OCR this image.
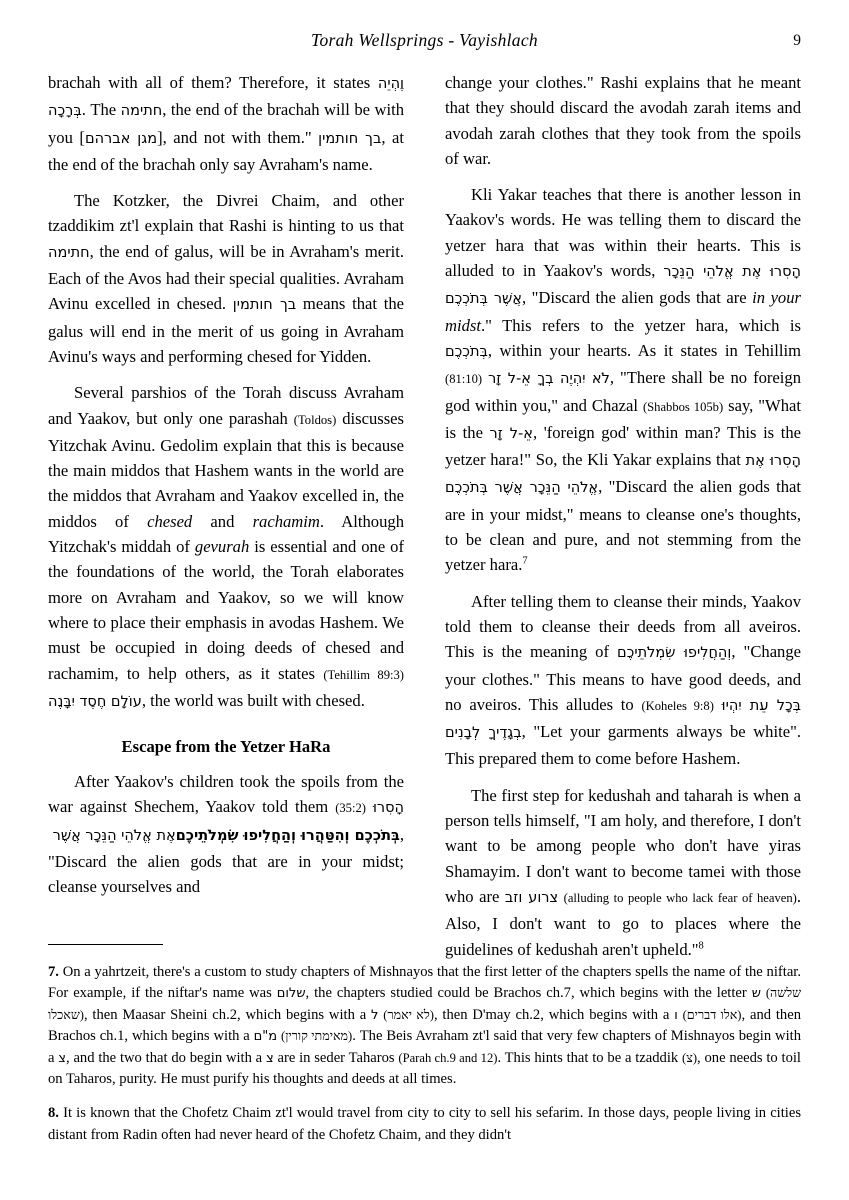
Torah Wellsprings - Vayishlach	9

brachah with all of them? Therefore, it states וֶהְיֵה בְּרָכָה. The חתימה, the end of the brachah will be with you [מגן אברהם], and not with them." בך חותמין, at the end of the brachah only say Avraham's name.

The Kotzker, the Divrei Chaim, and other tzaddikim zt'l explain that Rashi is hinting to us that חתימה, the end of galus, will be in Avraham's merit. Each of the Avos had their special qualities. Avraham Avinu excelled in chesed. בך חותמין means that the galus will end in the merit of us going in Avraham Avinu's ways and performing chesed for Yidden.

Several parshios of the Torah discuss Avraham and Yaakov, but only one parashah (Toldos) discusses Yitzchak Avinu. Gedolim explain that this is because the main middos that Hashem wants in the world are the middos that Avraham and Yaakov excelled in, the middos of chesed and rachamim. Although Yitzchak's middah of gevurah is essential and one of the foundations of the world, the Torah elaborates more on Avraham and Yaakov, so we will know where to place their emphasis in avodas Hashem. We must be occupied in doing deeds of chesed and rachamim, to help others, as it states (Tehillim 89:3) עוֹלָם חֶסֶד יִבָּנֶה, the world was built with chesed.

Escape from the Yetzer HaRa

After Yaakov's children took the spoils from the war against Shechem, Yaakov told them (35:2) הָסִרוּ אֶת אֱלֹהֵי הַנֵּכָר אֲשֶׁר בְּתֹכְכֶם וְהִטַּהֲרוּ וְהַחֲלִיפוּ שִׂמְלֹתֵיכֶם, "Discard the alien gods that are in your midst; cleanse yourselves and

change your clothes." Rashi explains that he meant that they should discard the avodah zarah items and avodah zarah clothes that they took from the spoils of war.

Kli Yakar teaches that there is another lesson in Yaakov's words. He was telling them to discard the yetzer hara that was within their hearts. This is alluded to in Yaakov's words, הָסִרוּ אֶת אֱלֹהֵי הַנֵּכָר אֲשֶׁר בְּתֹכְכֶם, "Discard the alien gods that are in your midst." This refers to the yetzer hara, which is בְּתֹכְכֶם, within your hearts. As it states in Tehillim (81:10) לֹא יִהְיֶה בְךָ אֵ-ל זָר, "There shall be no foreign god within you," and Chazal (Shabbos 105b) say, "What is the אֵ-ל זָר, 'foreign god' within man? This is the yetzer hara!" So, the Kli Yakar explains that הָסִרוּ אֶת אֱלֹהֵי הַנֵּכָר אֲשֶׁר בְּתֹכְכֶם, "Discard the alien gods that are in your midst," means to cleanse one's thoughts, to be clean and pure, and not stemming from the yetzer hara.$^7$

After telling them to cleanse their minds, Yaakov told them to cleanse their deeds from all aveiros. This is the meaning of וְהַחֲלִיפוּ שִׂמְלֹתֵיכֶם, "Change your clothes." This means to have good deeds, and no aveiros. This alludes to (Koheles 9:8) בְּכָל עֵת יִהְיוּ בְגָדֶיךָ לְבָנִים, "Let your garments always be white". This prepared them to come before Hashem.

The first step for kedushah and taharah is when a person tells himself, "I am holy, and therefore, I don't want to be among people who don't have yiras Shamayim. I don't want to become tamei with those who are צרוע וזב (alluding to people who lack fear of heaven). Also, I don't want to go to places where the guidelines of kedushah aren't upheld."$^8$

7. On a yahrtzeit, there's a custom to study chapters of Mishnayos that the first letter of the chapters spells the name of the niftar. For example, if the niftar's name was שלום, the chapters studied could be Brachos ch.7, which begins with the letter ש (שלשה שאכלו), then Maasar Sheini ch.2, which begins with a ל (לא יאמר), then D'may ch.2, which begins with a ו (אלו דברים), and then Brachos ch.1, which begins with a מ"ם (מאימתי קורין). The Beis Avraham zt'l said that very few chapters of Mishnayos begin with a צ, and the two that do begin with a צ are in seder Taharos (Parah ch.9 and 12). This hints that to be a tzaddik (צ), one needs to toil on Taharos, purity. He must purify his thoughts and deeds at all times.
8. It is known that the Chofetz Chaim zt'l would travel from city to city to sell his sefarim. In those days, people living in cities distant from Radin often had never heard of the Chofetz Chaim, and they didn't
